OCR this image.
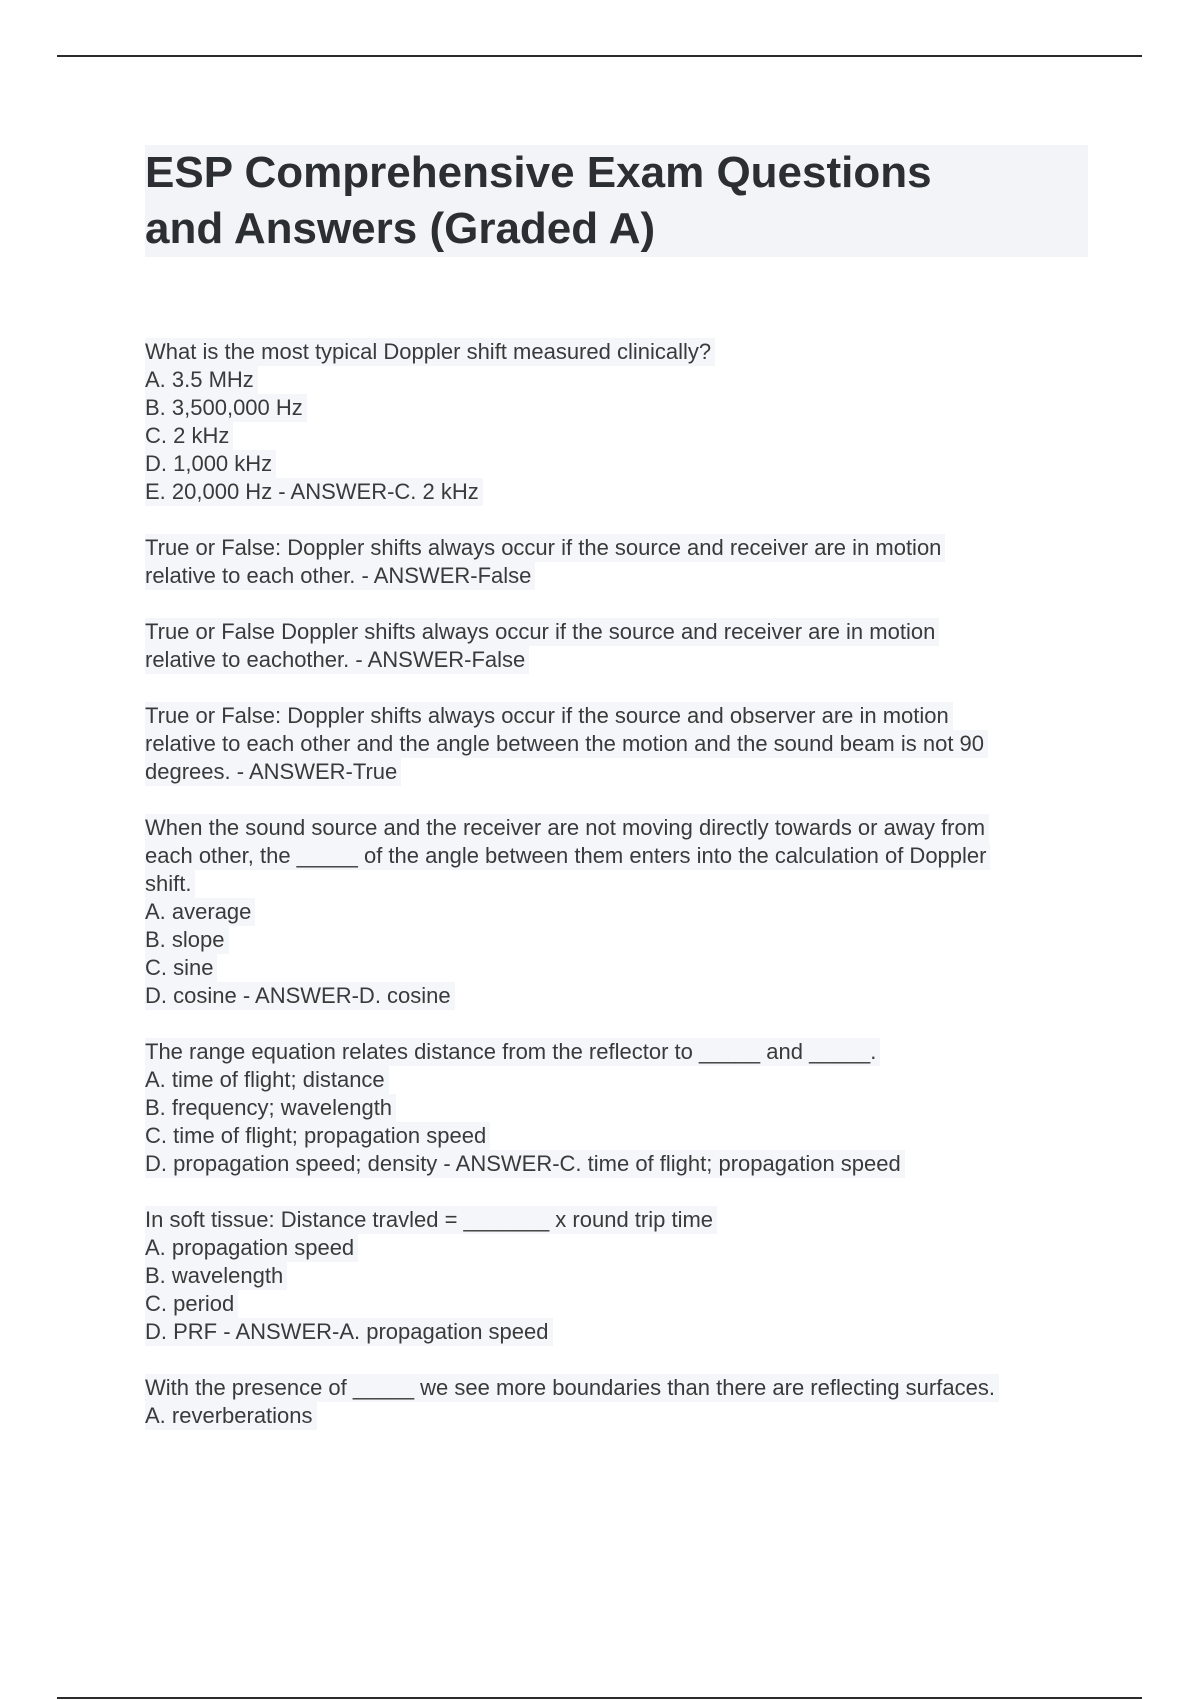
ESP Comprehensive Exam Questions
and Answers (Graded A)
What is the most typical Doppler shift measured clinically?
A. 3.5 MHz
B. 3,500,000 Hz
C. 2 kHz
D. 1,000 kHz
E. 20,000 Hz - ANSWER-C. 2 kHz
True or False: Doppler shifts always occur if the source and receiver are in motion
relative to each other. - ANSWER-False
True or False Doppler shifts always occur if the source and receiver are in motion
relative to eachother. - ANSWER-False
True or False: Doppler shifts always occur if the source and observer are in motion
relative to each other and the angle between the motion and the sound beam is not 90
degrees. - ANSWER-True
When the sound source and the receiver are not moving directly towards or away from
each other, the _____ of the angle between them enters into the calculation of Doppler
shift.
A. average
B. slope
C. sine
D. cosine - ANSWER-D. cosine
The range equation relates distance from the reflector to _____ and _____.
A. time of flight; distance
B. frequency; wavelength
C. time of flight; propagation speed
D. propagation speed; density - ANSWER-C. time of flight; propagation speed
In soft tissue: Distance travled = _______ x round trip time
A. propagation speed
B. wavelength
C. period
D. PRF - ANSWER-A. propagation speed
With the presence of _____ we see more boundaries than there are reflecting surfaces.
A. reverberations
